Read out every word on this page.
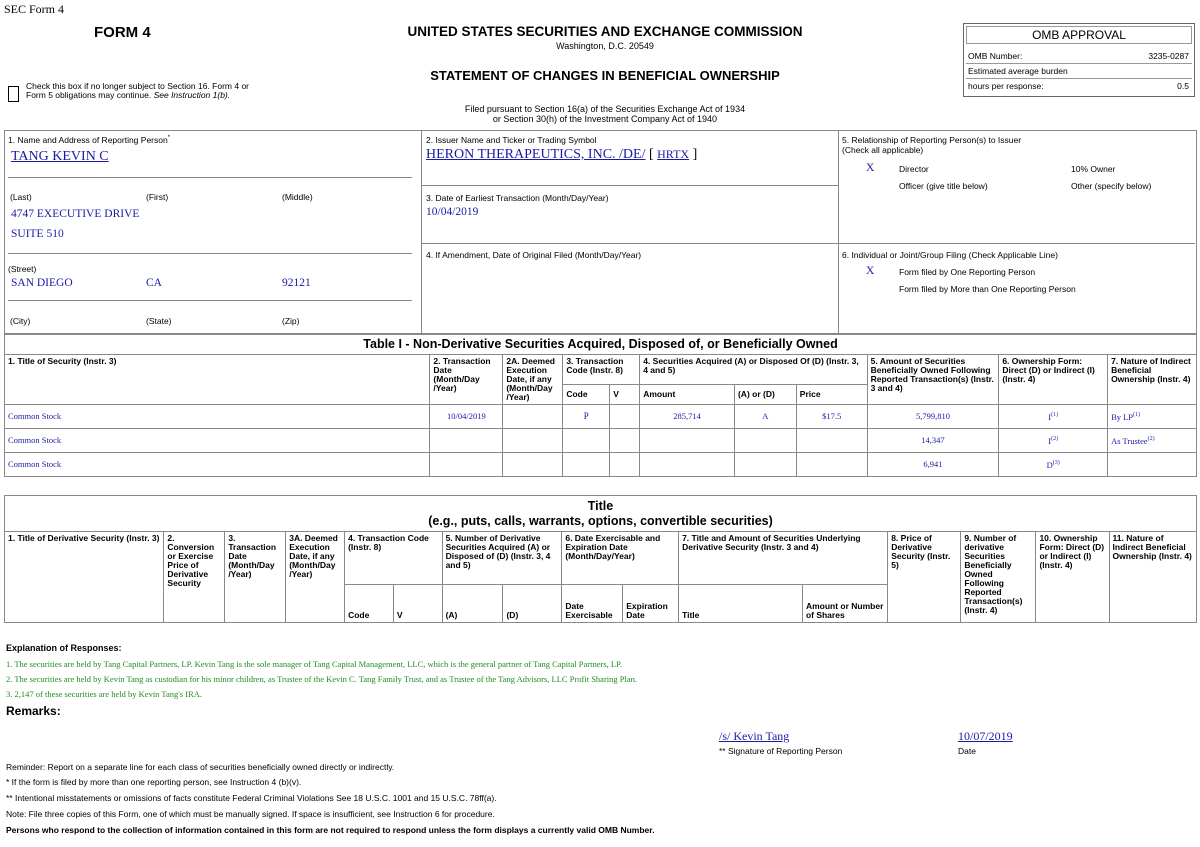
SEC Form 4
FORM 4	UNITED STATES SECURITIES AND EXCHANGE COMMISSION
Washington, D.C. 20549
STATEMENT OF CHANGES IN BENEFICIAL OWNERSHIP
Filed pursuant to Section 16(a) of the Securities Exchange Act of 1934
or Section 30(h) of the Investment Company Act of 1940
Check this box if no longer subject to Section 16. Form 4 or Form 5 obligations may continue. See Instruction 1(b).
OMB APPROVAL
OMB Number:	3235-0287
Estimated average burden
hours per response:	0.5
1. Name and Address of Reporting Person*
TANG KEVIN C
(Last)	(First)	(Middle)
4747 EXECUTIVE DRIVE
SUITE 510
(Street)
SAN DIEGO	CA	92121
(City)	(State)	(Zip)
2. Issuer Name and Ticker or Trading Symbol
HERON THERAPEUTICS, INC. /DE/ [ HRTX ]
3. Date of Earliest Transaction (Month/Day/Year)
10/04/2019
4. If Amendment, Date of Original Filed (Month/Day/Year)
5. Relationship of Reporting Person(s) to Issuer
(Check all applicable)
X	Director	10% Owner
Officer (give title below)	Other (specify below)
6. Individual or Joint/Group Filing (Check Applicable Line)
X	Form filed by One Reporting Person
Form filed by More than One Reporting Person
Table I - Non-Derivative Securities Acquired, Disposed of, or Beneficially Owned										
1. Title of Security (Instr. 3)	2. Transaction Date (Month/Day /Year)	2A. Deemed Execution Date, if any (Month/Day /Year)	3. Transaction Code (Instr. 8)		4. Securities Acquired (A) or Disposed Of (D) (Instr. 3, 4 and 5)			5. Amount of Securities Beneficially Owned Following Reported Transaction(s) (Instr. 3 and 4)	6. Ownership Form: Direct (D) or Indirect (I) (Instr. 4)	7. Nature of Indirect Beneficial Ownership (Instr. 4)
			Code	V	Amount	(A) or (D)	Price			
Common Stock	10/04/2019		P		285,714	A	$17.5	5,799,810	$I^{(1)}$	By LP$^{(1)}$
Common Stock								14,347	$I^{(2)}$	As Trustee$^{(2)}$
Common Stock								6,941	$D^{(3)}$	
Title
(e.g., puts, calls, warrants, options, convertible securities)															

1. Title of Derivative Security (Instr. 3)	2. Conversion or Exercise Price of Derivative Security	3. Transaction Date (Month/Day /Year)	3A. Deemed Execution Date, if any (Month/Day /Year)	4. Transaction Code (Instr. 8)		5. Number of Derivative Securities Acquired (A) or Disposed of (D) (Instr. 3, 4 and 5)		6. Date Exercisable and Expiration Date (Month/Day/Year)		7. Title and Amount of Securities Underlying Derivative Security (Instr. 3 and 4)		8. Price of Derivative Security (Instr. 5)	9. Number of derivative Securities Beneficially Owned Following Reported Transaction(s) (Instr. 4)	10. Ownership Form: Direct (D) or Indirect (I) (Instr. 4)	11. Nature of Indirect Beneficial Ownership (Instr. 4)
				Code	V	(A)	(D)	Date Exercisable	Expiration Date	Title	Amount or Number of Shares				
Explanation of Responses:
1. The securities are held by Tang Capital Partners, LP. Kevin Tang is the sole manager of Tang Capital Management, LLC, which is the general partner of Tang Capital Partners, LP.
2. The securities are held by Kevin Tang as custodian for his minor children, as Trustee of the Kevin C. Tang Family Trust, and as Trustee of the Tang Advisors, LLC Profit Sharing Plan.
3. 2,147 of these securities are held by Kevin Tang's IRA.
Remarks:
/s/ Kevin Tang
** Signature of Reporting Person
10/07/2019
Date
Reminder: Report on a separate line for each class of securities beneficially owned directly or indirectly.
* If the form is filed by more than one reporting person, see Instruction 4 (b)(v).
** Intentional misstatements or omissions of facts constitute Federal Criminal Violations See 18 U.S.C. 1001 and 15 U.S.C. 78ff(a).
Note: File three copies of this Form, one of which must be manually signed. If space is insufficient, see Instruction 6 for procedure.
Persons who respond to the collection of information contained in this form are not required to respond unless the form displays a currently valid OMB Number.
